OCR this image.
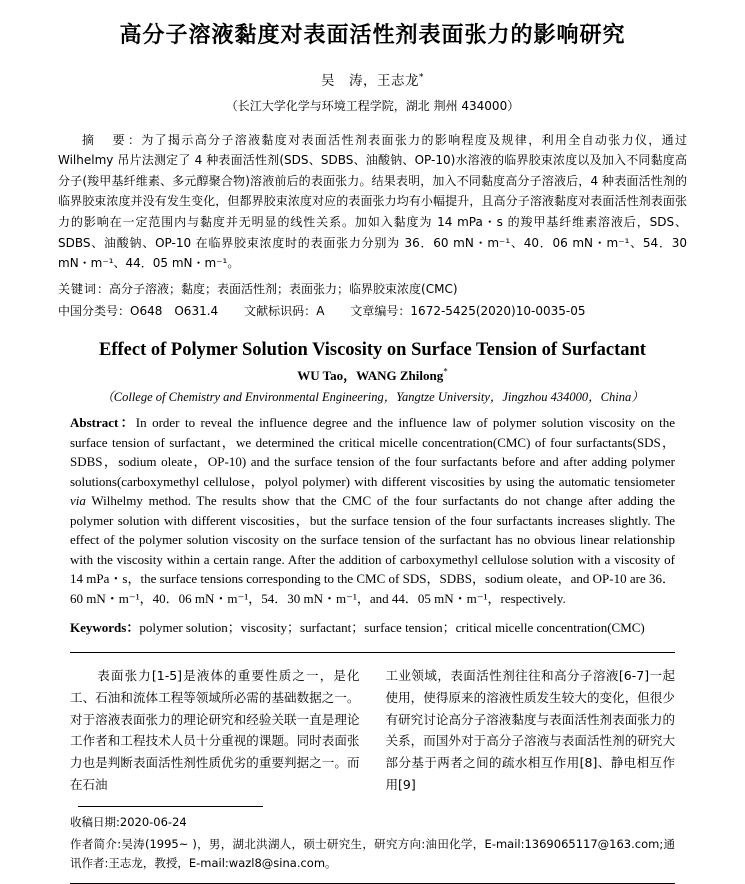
高分子溶液黏度对表面活性剂表面张力的影响研究
吴　涛，王志龙*
（长江大学化学与环境工程学院，湖北 荆州 434000）
摘　要：为了揭示高分子溶液黏度对表面活性剂表面张力的影响程度及规律，利用全自动张力仪，通过 Wilhelmy 吊片法测定了 4 种表面活性剂(SDS、SDBS、油酸钠、OP-10)水溶液的临界胶束浓度以及加入不同黏度高分子(羧甲基纤维素、多元醇聚合物)溶液前后的表面张力。结果表明，加入不同黏度高分子溶液后，4 种表面活性剂的临界胶束浓度并没有发生变化，但都界胶束浓度对应的表面张力均有小幅提升，且高分子溶液黏度对表面活性剂表面张力的影响在一定范围内与黏度并无明显的线性关系。加如入黏度为 14 mPa・s 的羧甲基纤维素溶液后，SDS、SDBS、油酸钠、OP-10 在临界胶束浓度时的表面张力分别为 36．60 mN・m⁻¹、40．06 mN・m⁻¹、54．30 mN・m⁻¹、44．05 mN・m⁻¹。
关键词：高分子溶液；黏度；表面活性剂；表面张力；临界胶束浓度(CMC)
中国分类号：O648　O631.4 文献标识码：A 文章编号：1672-5425(2020)10-0035-05
Effect of Polymer Solution Viscosity on Surface Tension of Surfactant
WU Tao，WANG Zhilong*
（College of Chemistry and Environmental Engineering，Yangtze University，Jingzhou 434000，China）
Abstract：In order to reveal the influence degree and the influence law of polymer solution viscosity on the surface tension of surfactant，we determined the critical micelle concentration(CMC) of four surfactants(SDS，SDBS，sodium oleate，OP-10) and the surface tension of the four surfactants before and after adding polymer solutions(carboxymethyl cellulose，polyol polymer) with different viscosities by using the automatic tensiometer via Wilhelmy method. The results show that the CMC of the four surfactants do not change after adding the polymer solution with different viscosities，but the surface tension of the four surfactants increases slightly. The effect of the polymer solution viscosity on the surface tension of the surfactant has no obvious linear relationship with the viscosity within a certain range. After the addition of carboxymethyl cellulose solution with a viscosity of 14 mPa・s，the surface tensions corresponding to the CMC of SDS，SDBS，sodium oleate，and OP-10 are 36．60 mN・m⁻¹，40．06 mN・m⁻¹，54．30 mN・m⁻¹，and 44．05 mN・m⁻¹，respectively.
Keywords：polymer solution；viscosity；surfactant；surface tension；critical micelle concentration(CMC)
　　表面张力[1-5]是液体的重要性质之一，是化工、石油和流体工程等领域所必需的基础数据之一。对于溶液表面张力的理论研究和经验关联一直是理论工作者和工程技术人员十分重视的课题。同时表面张力也是判断表面活性剂性质优劣的重要判据之一。而在石油
工业领域，表面活性剂往往和高分子溶液[6-7]一起使用，使得原来的溶液性质发生较大的变化，但很少有研究讨论高分子溶液黏度与表面活性剂表面张力的关系，而国外对于高分子溶液与表面活性剂的研究大部分基于两者之间的疏水相互作用[8]、静电相互作用[9]
收稿日期:2020-06-24
作者简介:吴涛(1995~ )，男，湖北洪湖人，硕士研究生，研究方向:油田化学，E-mail:1369065117@163.com;通讯作者:王志龙，教授，E-mail:wazl8@sina.com。
